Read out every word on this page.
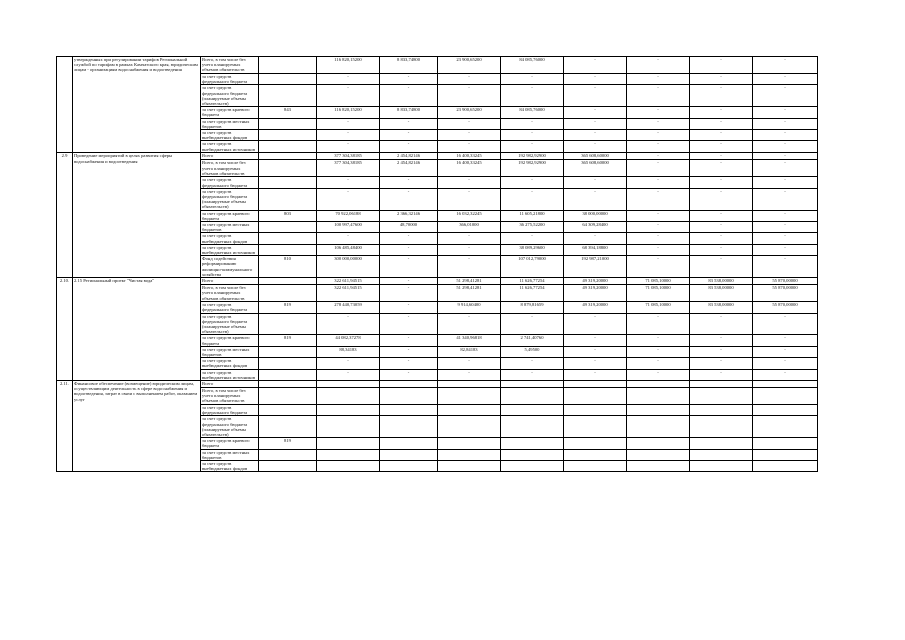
	утвержденных при регулировании тарифов Региональной службой по тарифам в рамках Камчатского края, юридическим лицам - организациям водоснабжения и водоотведения	Всего, в том числе без учета планируемых объемов обязательств		116 820,15200	8 833,74800	23 900,65200	84 085,76000	-	-	-	-
		за счет средств федерального бюджета		-	-	-	-	-	-	-	-
		за счет средств федерального бюджета (планируемые объемы обязательств)		-	-	-	-	-	-	-	-
		за счет средств краевого бюджета	843	116 820,15200	8 833,74800	23 900,65200	84 085,76000	-	-	-	-
		за счет средств местных бюджетов		-	-	-	-	-	-	-	-
		за счет средств внебюджетных фондов		-	-	-	-	-	-	-	-
		за счет средств внебюджетных источников		-	-	-	-	-	-	-	-
2.9	Проведение мероприятий в целях развития сферы водоснабжения и водоотведения	Всего		377 304,38185	2 454,82146	16 400,33245	192 982,92900	365 608,60000	-	-	-
		Всего, в том числе без учета планируемых объемов обязательств		377 304,38185	2 454,82146	16 400,33245	192 982,92900	365 608,60000	-	-	-
		за счет средств федерального бюджета		-	-	-	-	-	-	-	-
		за счет средств федерального бюджета (планируемые объемы обязательств)		-	-	-	-	-	-	-	-
		за счет средств краевого бюджета	803	70 922,06188	2 366,32146	16 032,32245	11 605,21800	38 000,00000	-	-	-
		за счет средств местных бюджетов		100 997,47600	48,70000	366,01000	36 275,52200	64 309,28400	-	-	-
		за счет средств внебюджетных фондов		-	-	-	-	-	-	-	-
		за счет средств внебюджетных источников		106 485,48400	-	-	38 089,29600	68 394,18800	-	-	-
		Фонд содействия реформированию жилищно-коммунального хозяйства	810	300 000,00000	-	-	107 012,79000	192 987,21000	-	-	-
2.10.	2.15 Региональный проект "Чистая вода"	Всего		322 611,94515	-	51 298,41281	11 626,77254	49 319,20000	71 085,10000	83 538,00000	55 870,00000
		Всего, в том числе без учета планируемых объемов обязательств		322 611,94515	-	51 298,41281	11 626,77254	49 319,20000	71 085,10000	83 538,00000	55 870,00000
		за счет средств федерального бюджета	819	278 440,73059	-	9 914,60400	8 879,81659	49 319,20000	71 085,10000	83 538,00000	55 870,00000
		за счет средств федерального бюджета (планируемые объемы обязательств)		-	-	-	-	-	-	-	-
		за счет средств краевого бюджета	819	44 082,37278	-	41 340,96818	2 741,40760	-	-	-	-
		за счет средств местных бюджетов		88,34183	-	82,84183	5,49500	-	-	-	-
		за счет средств внебюджетных фондов		-	-	-	-	-	-	-	-
		за счет средств внебюджетных источников		-	-	-	-	-	-	-	-
2.11.	Финансовое обеспечение (возмещение) юридическим лицам, осуществляющим деятельность в сфере водоснабжения и водоотведения, затрат в связи с выполнением работ, оказанием услуг	Всего									
		Всего, в том числе без учета планируемых объемов обязательств									
		за счет средств федерального бюджета									
		за счет средств федерального бюджета (планируемые объемы обязательств)									
		за счет средств краевого бюджета	819								
		за счет средств местных бюджетов									
		за счет средств внебюджетных фондов									
